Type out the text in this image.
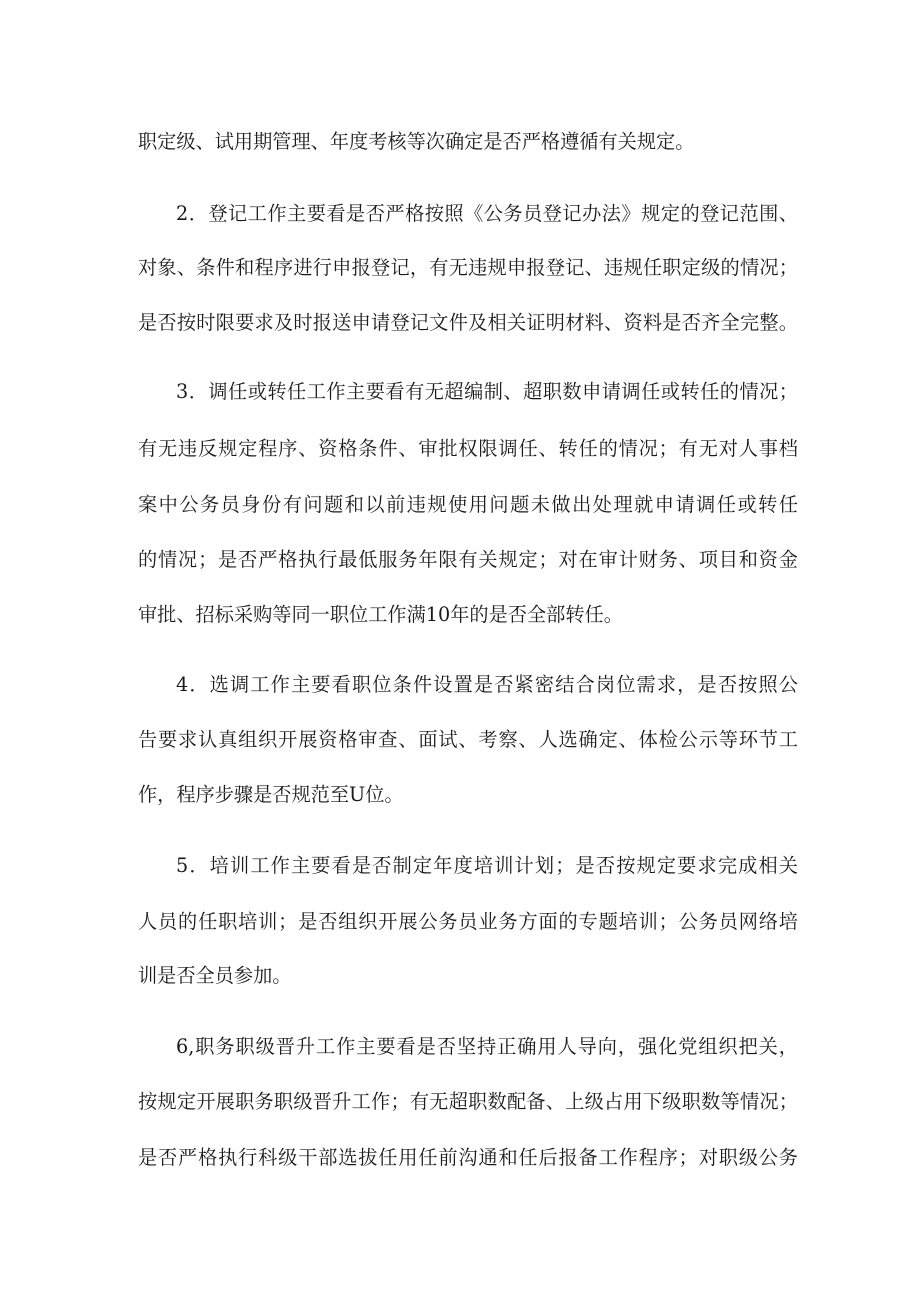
职定级、试用期管理、年度考核等次确定是否严格遵循有关规定。
2．登记工作主要看是否严格按照《公务员登记办法》规定的登记范围、
对象、条件和程序进行申报登记，有无违规申报登记、违规任职定级的情况；
是否按时限要求及时报送申请登记文件及相关证明材料、资料是否齐全完整。
3．调任或转任工作主要看有无超编制、超职数申请调任或转任的情况；
有无违反规定程序、资格条件、审批权限调任、转任的情况；有无对人事档
案中公务员身份有问题和以前违规使用问题未做出处理就申请调任或转任
的情况；是否严格执行最低服务年限有关规定；对在审计财务、项目和资金
审批、招标采购等同一职位工作满10年的是否全部转任。
4．选调工作主要看职位条件设置是否紧密结合岗位需求，是否按照公
告要求认真组织开展资格审查、面试、考察、人选确定、体检公示等环节工
作，程序步骤是否规范至U位。
5．培训工作主要看是否制定年度培训计划；是否按规定要求完成相关
人员的任职培训；是否组织开展公务员业务方面的专题培训；公务员网络培
训是否全员参加。
6,职务职级晋升工作主要看是否坚持正确用人导向，强化党组织把关，
按规定开展职务职级晋升工作；有无超职数配备、上级占用下级职数等情况；
是否严格执行科级干部选拔任用任前沟通和任后报备工作程序；对职级公务
